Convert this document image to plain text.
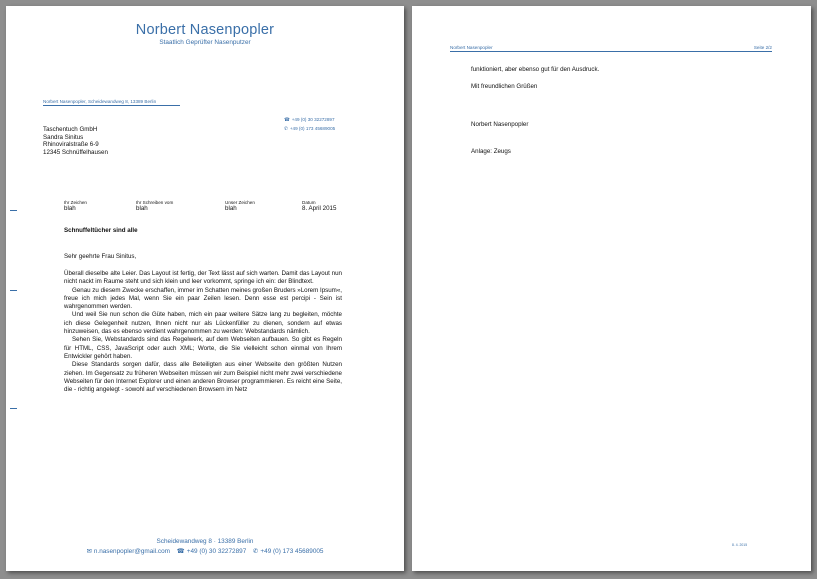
Norbert Nasenpopler
Staatlich Geprüfter Nasenputzer
Norbert Nasenpopler, Scheidewandweg 8, 13389 Berlin
☎ +49 (0) 30 32272897
✆ +49 (0) 173 45689005
Taschentuch GmbH
Sandra Sinitus
Rhinoviralstraße 6-9
12345 Schnüffelhausen
Ihr Zeichen
blah
Ihr Schreiben vom
blah
Unser Zeichen
blah
Datum
8. April 2015
Schnuffeltücher sind alle
Sehr geehrte Frau Sinitus,
Überall dieselbe alte Leier. Das Layout ist fertig, der Text lässt auf sich warten. Damit das Layout nun nicht nackt im Raume steht und sich klein und leer vorkommt, springe ich ein: der Blindtext.
Genau zu diesem Zwecke erschaffen, immer im Schatten meines großen Bruders »Lorem Ipsum«, freue ich mich jedes Mal, wenn Sie ein paar Zeilen lesen. Denn esse est percipi - Sein ist wahrgenommen werden.
Und weil Sie nun schon die Güte haben, mich ein paar weitere Sätze lang zu begleiten, möchte ich diese Gelegenheit nutzen, Ihnen nicht nur als Lückenfüller zu dienen, sondern auf etwas hinzuweisen, das es ebenso verdient wahrgenommen zu werden: Webstandards nämlich.
Sehen Sie, Webstandards sind das Regelwerk, auf dem Webseiten aufbauen. So gibt es Regeln für HTML, CSS, JavaScript oder auch XML; Worte, die Sie vielleicht schon einmal von Ihrem Entwickler gehört haben.
Diese Standards sorgen dafür, dass alle Beteiligten aus einer Webseite den größten Nutzen ziehen. Im Gegensatz zu früheren Webseiten müssen wir zum Beispiel nicht mehr zwei verschiedene Webseiten für den Internet Explorer und einen anderen Browser programmieren. Es reicht eine Seite, die - richtig angelegt - sowohl auf verschiedenen Browsern im Netz
Scheidewandweg 8 · 13389 Berlin
✉ n.nasenpopler@gmail.com ☎ +49 (0) 30 32272897 ✆ +49 (0) 173 45689005
Norbert Nasenpopler	Seite 2/2
funktioniert, aber ebenso gut für den Ausdruck.
Mit freundlichen Grüßen
Norbert Nasenpopler
Anlage: Zeugs
8. 4. 2015
